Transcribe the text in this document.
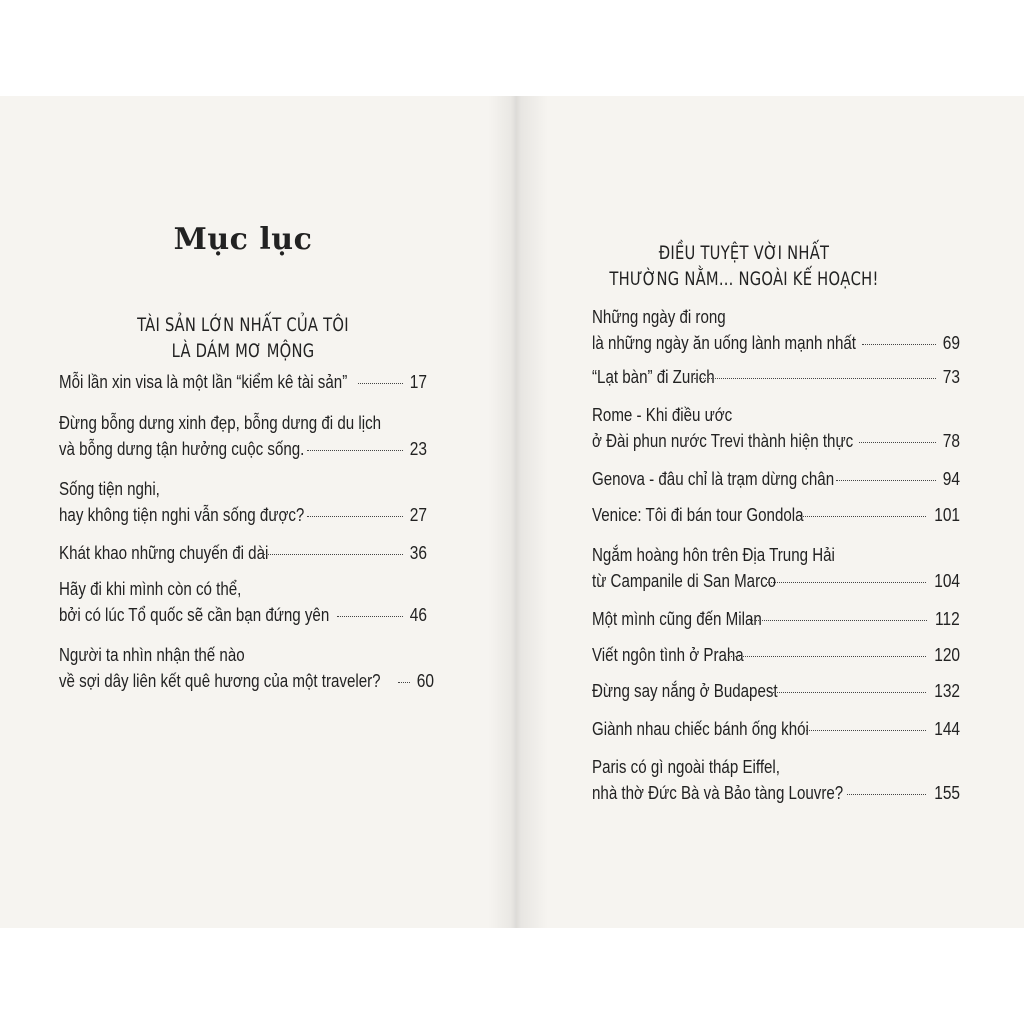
Mục lục
TÀI SẢN LỚN NHẤT CỦA TÔI
LÀ DÁM MƠ MỘNG
Mỗi lần xin visa là một lần “kiểm kê tài sản”	17
Đừng bỗng dưng xinh đẹp, bỗng dưng đi du lịch
và bỗng dưng tận hưởng cuộc sống.	23
Sống tiện nghi,
hay không tiện nghi vẫn sống được?	27
Khát khao những chuyến đi dài	36
Hãy đi khi mình còn có thể,
bởi có lúc Tổ quốc sẽ cần bạn đứng yên	46
Người ta nhìn nhận thế nào
về sợi dây liên kết quê hương của một traveler? 60
ĐIỀU TUYỆT VỜI NHẤT
THƯỜNG NẰM... NGOÀI KẾ HOẠCH!
Những ngày đi rong
là những ngày ăn uống lành mạnh nhất	69
“Lạt bàn” đi Zurich	73
Rome - Khi điều ước
ở Đài phun nước Trevi thành hiện thực	78
Genova - đâu chỉ là trạm dừng chân	94
Venice: Tôi đi bán tour Gondola	101
Ngắm hoàng hôn trên Địa Trung Hải
từ Campanile di San Marco	104
Một mình cũng đến Milan	112
Viết ngôn tình ở Praha	120
Đừng say nắng ở Budapest	132
Giành nhau chiếc bánh ống khói	144
Paris có gì ngoài tháp Eiffel,
nhà thờ Đức Bà và Bảo tàng Louvre?	155
